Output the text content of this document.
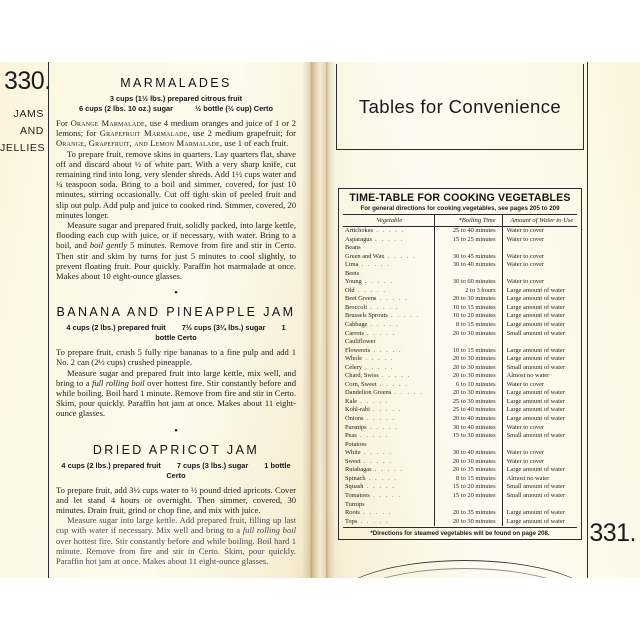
330.
JAMS
AND
JELLIES
MARMALADES
3 cups (1½ lbs.) prepared citrous fruit
6 cups (2 lbs. 10 oz.) sugar	½ bottle (½ cup) Certo

For Orange Marmalade, use 4 medium oranges and juice of 1 or 2 lemons; for Grapefruit Marmalade, use 2 medium grapefruit; for Orange, Grapefruit, and Lemon Marmalade, use 1 of each fruit.

To prepare fruit, remove skins in quarters. Lay quarters flat, shave off and discard about ½ of white part. With a very sharp knife, cut remaining rind into long, very slender shreds. Add 1½ cups water and ¼ teaspoon soda. Bring to a boil and simmer, covered, for just 10 minutes, stirring occasionally. Cut off tight skin of peeled fruit and slip out pulp. Add pulp and juice to cooked rind. Simmer, covered, 20 minutes longer.

Measure sugar and prepared fruit, solidly packed, into large kettle, flooding each cup with juice, or if necessary, with water. Bring to a boil, and boil gently 5 minutes. Remove from fire and stir in Certo. Then stir and skim by turns for just 5 minutes to cool slightly, to prevent floating fruit. Pour quickly. Paraffin hot marmalade at once. Makes about 10 eight-ounce glasses.

•
BANANA AND PINEAPPLE JAM
4 cups (2 lbs.) prepared fruit 7½ cups (3¼ lbs.) sugar 1 bottle Certo

To prepare fruit, crush 5 fully ripe bananas to a fine pulp and add 1 No. 2 can (2½ cups) crushed pineapple.

Measure sugar and prepared fruit into large kettle, mix well, and bring to a full rolling boil over hottest fire. Stir constantly before and while boiling. Boil hard 1 minute. Remove from fire and stir in Certo. Skim, pour quickly. Paraffin hot jam at once. Makes about 11 eight-ounce glasses.

•
DRIED APRICOT JAM
4 cups (2 lbs.) prepared fruit 7 cups (3 lbs.) sugar 1 bottle Certo

To prepare fruit, add 3½ cups water to ½ pound dried apricots. Cover and let stand 4 hours or overnight. Then simmer, covered, 30 minutes. Drain fruit, grind or chop fine, and mix with juice.

Measure sugar into large kettle. Add prepared fruit, filling up last cup with water if necessary. Mix well and bring to a full rolling boil over hottest fire. Stir constantly before and while boiling. Boil hard 1 minute. Remove from fire and stir in Certo. Skim, pour quickly. Paraffin hot jam at once. Makes about 11 eight-ounce glasses.

331.
Tables for Convenience
TIME-TABLE FOR COOKING VEGETABLES
For general directions for cooking vegetables, see pages 205 to 209
Vegetable	*Boiling Time	Amount of Water to Use
Artichokes . . . . .	25 to 40 minutes	Water to cover
Asparagus . . . . .	15 to 25 minutes	Water to cover
Beans		
Green and Wax . . . . .	30 to 45 minutes	Water to cover
Lima . . . . .	30 to 40 minutes	Water to cover
Beets		
Young . . . . .	30 to 60 minutes	Water to cover
Old . . . . .	2 to 3 hours	Large amount of water
Beet Greens . . . . .	20 to 30 minutes	Large amount of water
Broccoli . . . . .	10 to 15 minutes	Large amount of water
Brussels Sprouts . . . . .	10 to 20 minutes	Large amount of water
Cabbage . . . . .	8 to 15 minutes	Large amount of water
Carrots . . . . .	20 to 30 minutes	Small amount of water
Cauliflower		
Flowerets . . . . .	10 to 15 minutes	Large amount of water
Whole . . . . .	20 to 30 minutes	Large amount of water
Celery . . . . .	20 to 30 minutes	Small amount of water
Chard, Swiss . . . . .	20 to 30 minutes	Almost no water
Corn, Sweet . . . . .	6 to 10 minutes	Water to cover
Dandelion Greens . . . . .	20 to 30 minutes	Large amount of water
Kale . . . . .	25 to 30 minutes	Large amount of water
Kohl-rabi . . . . .	25 to 40 minutes	Large amount of water
Onions . . . . .	20 to 40 minutes	Large amount of water
Parsnips . . . . .	30 to 40 minutes	Water to cover
Peas . . . . .	15 to 30 minutes	Small amount of water
Potatoes		
White . . . . .	30 to 40 minutes	Water to cover
Sweet . . . . .	20 to 30 minutes	Water to cover
Rutabagas . . . . .	20 to 35 minutes	Large amount of water
Spinach . . . . .	8 to 15 minutes	Almost no water
Squash . . . . .	15 to 20 minutes	Small amount of water
Tomatoes . . . . .	15 to 20 minutes	Small amount of water
Turnips		
Roots . . . . .	20 to 35 minutes	Large amount of water
Tops . . . . .	20 to 30 minutes	Large amount of water
*Directions for steamed vegetables will be found on page 208.
